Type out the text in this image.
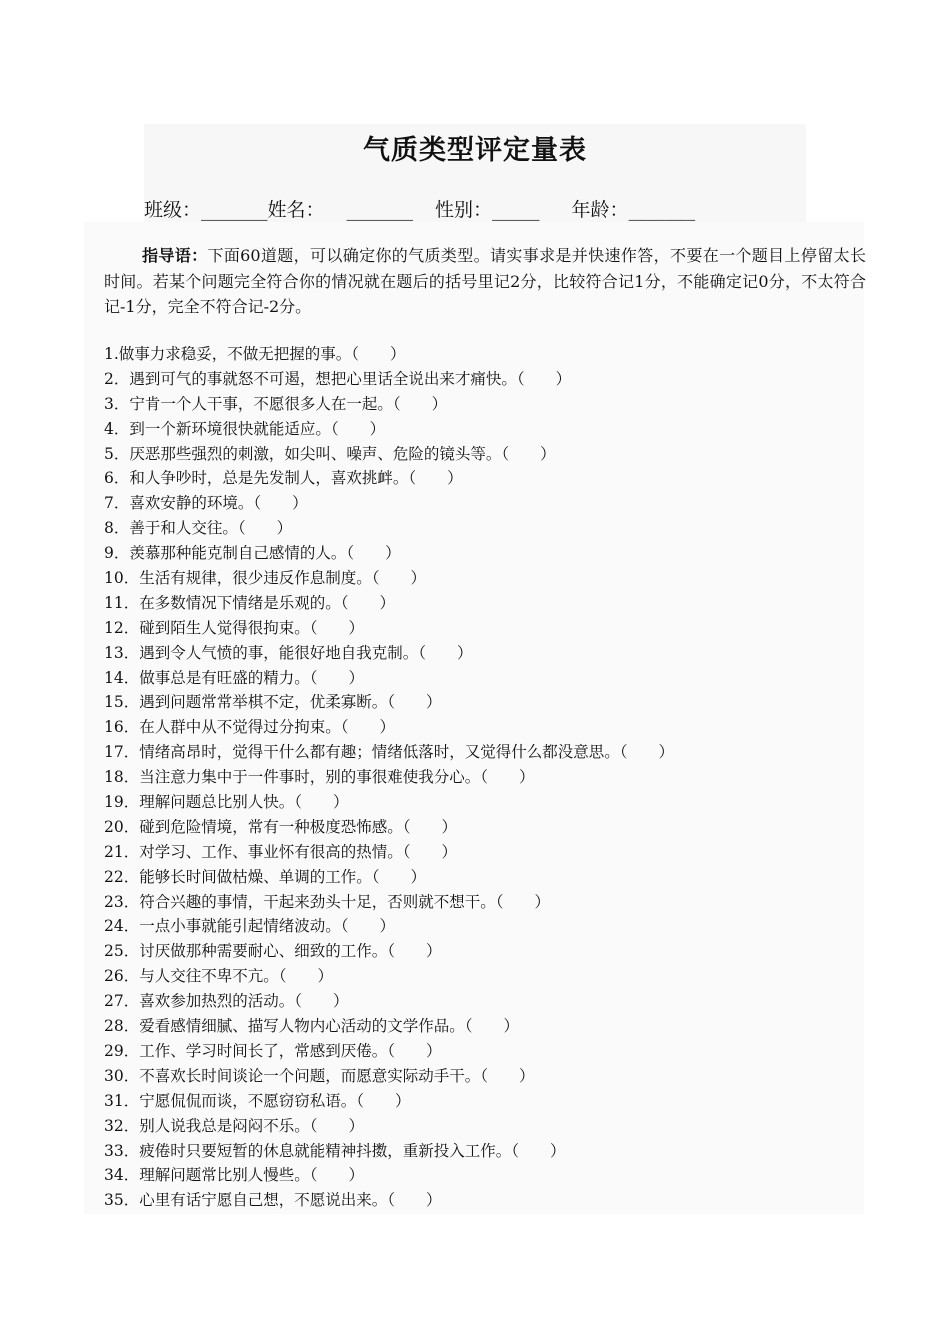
气质类型评定量表
班级：_______姓名： _______ 性别：_____ 年龄：_______
指导语：下面60道题，可以确定你的气质类型。请实事求是并快速作答，不要在一个题目上停留太长时间。若某个问题完全符合你的情况就在题后的括号里记2分，比较符合记1分，不能确定记0分，不太符合记-1分，完全不符合记-2分。
1.做事力求稳妥，不做无把握的事。（　　）
2．遇到可气的事就怒不可遏，想把心里话全说出来才痛快。（　　）
3．宁肯一个人干事，不愿很多人在一起。（　　）
4．到一个新环境很快就能适应。（　　）
5．厌恶那些强烈的刺激，如尖叫、噪声、危险的镜头等。（　　）
6．和人争吵时，总是先发制人，喜欢挑衅。（　　）
7．喜欢安静的环境。（　　）
8．善于和人交往。（　　）
9．羡慕那种能克制自己感情的人。（　　）
10．生活有规律，很少违反作息制度。（　　）
11．在多数情况下情绪是乐观的。（　　）
12．碰到陌生人觉得很拘束。（　　）
13．遇到令人气愤的事，能很好地自我克制。（　　）
14．做事总是有旺盛的精力。（　　）
15．遇到问题常常举棋不定，优柔寡断。（　　）
16．在人群中从不觉得过分拘束。（　　）
17．情绪高昂时，觉得干什么都有趣；情绪低落时，又觉得什么都没意思。（　　）
18．当注意力集中于一件事时，别的事很难使我分心。（　　）
19．理解问题总比别人快。（　　）
20．碰到危险情境，常有一种极度恐怖感。（　　）
21．对学习、工作、事业怀有很高的热情。（　　）
22．能够长时间做枯燥、单调的工作。（　　）
23．符合兴趣的事情，干起来劲头十足，否则就不想干。（　　）
24．一点小事就能引起情绪波动。（　　）
25．讨厌做那种需要耐心、细致的工作。（　　）
26．与人交往不卑不亢。（　　）
27．喜欢参加热烈的活动。（　　）
28．爱看感情细腻、描写人物内心活动的文学作品。（　　）
29．工作、学习时间长了，常感到厌倦。（　　）
30．不喜欢长时间谈论一个问题，而愿意实际动手干。（　　）
31．宁愿侃侃而谈，不愿窃窃私语。（　　）
32．别人说我总是闷闷不乐。（　　）
33．疲倦时只要短暂的休息就能精神抖擞，重新投入工作。（　　）
34．理解问题常比别人慢些。（　　）
35．心里有话宁愿自己想，不愿说出来。（　　）
